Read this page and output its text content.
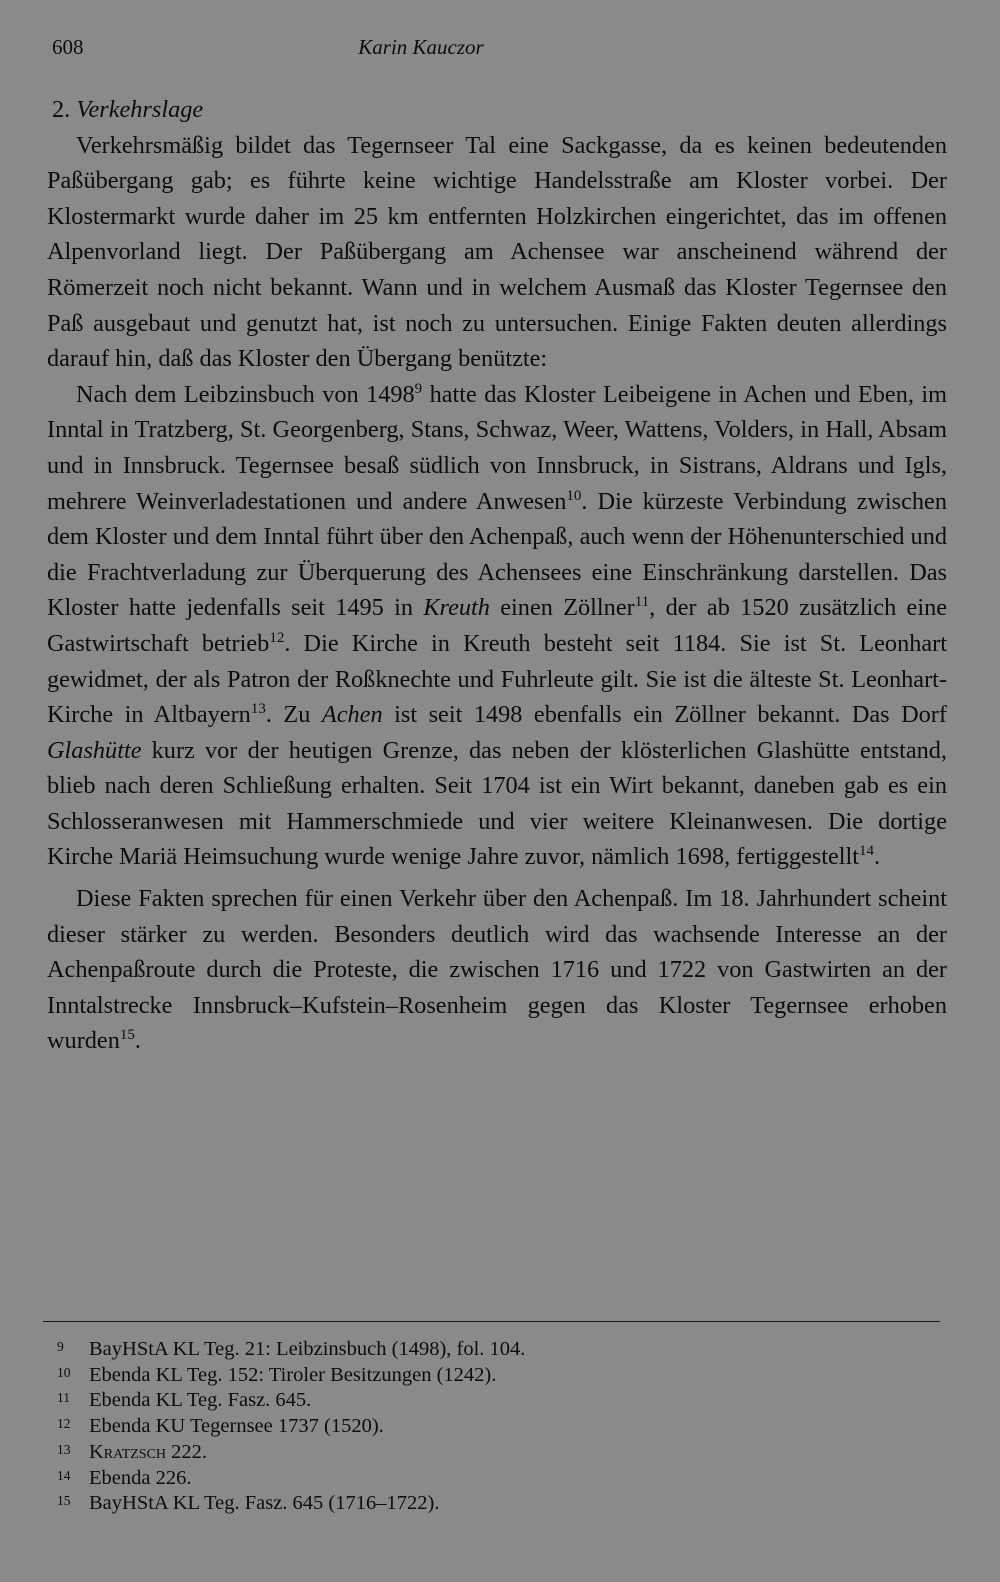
608	Karin Kauczor
2. Verkehrslage

Verkehrsmäßig bildet das Tegernseer Tal eine Sackgasse, da es keinen bedeutenden Paßübergang gab; es führte keine wichtige Handelsstraße am Kloster vorbei. Der Klostermarkt wurde daher im 25 km entfernten Holzkirchen eingerichtet, das im offenen Alpenvorland liegt. Der Paßübergang am Achensee war anscheinend während der Römerzeit noch nicht bekannt. Wann und in welchem Ausmaß das Kloster Tegernsee den Paß ausgebaut und genutzt hat, ist noch zu untersuchen. Einige Fakten deuten allerdings darauf hin, daß das Kloster den Übergang benützte:

Nach dem Leibzinsbuch von 1498$^9$ hatte das Kloster Leibeigene in Achen und Eben, im Inntal in Tratzberg, St. Georgenberg, Stans, Schwaz, Weer, Wattens, Volders, in Hall, Absam und in Innsbruck. Tegernsee besaß südlich von Innsbruck, in Sistrans, Aldrans und Igls, mehrere Weinverladestationen und andere Anwesen$^{10}$. Die kürzeste Verbindung zwischen dem Kloster und dem Inntal führt über den Achenpaß, auch wenn der Höhenunterschied und die Frachtverladung zur Überquerung des Achensees eine Einschränkung darstellen. Das Kloster hatte jedenfalls seit 1495 in Kreuth einen Zöllner$^{11}$, der ab 1520 zusätzlich eine Gastwirtschaft betrieb$^{12}$. Die Kirche in Kreuth besteht seit 1184. Sie ist St. Leonhart gewidmet, der als Patron der Roßknechte und Fuhrleute gilt. Sie ist die älteste St. Leonhart-Kirche in Altbayern$^{13}$. Zu Achen ist seit 1498 ebenfalls ein Zöllner bekannt. Das Dorf Glashütte kurz vor der heutigen Grenze, das neben der klösterlichen Glashütte entstand, blieb nach deren Schließung erhalten. Seit 1704 ist ein Wirt bekannt, daneben gab es ein Schlosseranwesen mit Hammerschmiede und vier weitere Kleinanwesen. Die dortige Kirche Mariä Heimsuchung wurde wenige Jahre zuvor, nämlich 1698, fertiggestellt$^{14}$.

Diese Fakten sprechen für einen Verkehr über den Achenpaß. Im 18. Jahrhundert scheint dieser stärker zu werden. Besonders deutlich wird das wachsende Interesse an der Achenpaßroute durch die Proteste, die zwischen 1716 und 1722 von Gastwirten an der Inntalstrecke Innsbruck–Kufstein–Rosenheim gegen das Kloster Tegernsee erhoben wurden$^{15}$.

9	BayHStA KL Teg. 21: Leibzinsbuch (1498), fol. 104.
10 Ebenda KL Teg. 152: Tiroler Besitzungen (1242).
11 Ebenda KL Teg. Fasz. 645.
12 Ebenda KU Tegernsee 1737 (1520).
13 Kratzsch 222.
14 Ebenda 226.
15 BayHStA KL Teg. Fasz. 645 (1716–1722).
